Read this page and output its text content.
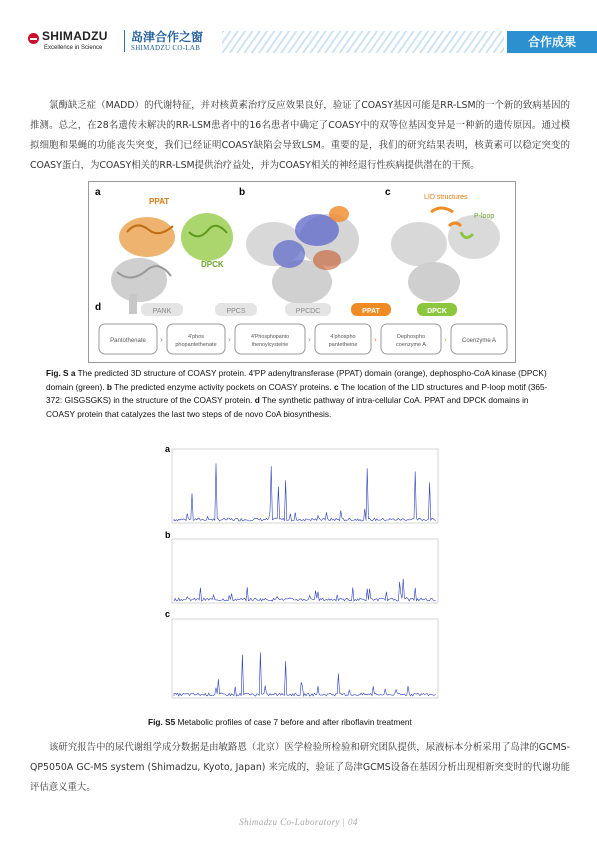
SHIMADZU
Excellence in Science
岛津合作之窗
SHIMADZU CO-LAB	合作成果
氯酶缺乏症（MADD）的代谢特征，并对核黄素治疗反应效果良好，验证了COASY基因可能是RR-LSM的一个新的致病基因的推测。总之，在28名遗传未解决的RR-LSM患者中的16名患者中确定了COASY中的双等位基因变异是一种新的遗传原因。通过模拟细胞和果蝇的功能丧失突变，我们已经证明COASY缺陷会导致LSM。重要的是，我们的研究结果表明，核黄素可以稳定突变的COASY蛋白，为COASY相关的RR-LSM提供治疗益处，并为COASY相关的神经退行性疾病提供潜在的干预。
a
PPAT
DPCK
b	c	LID structures
P-loop
d	PANK	PPCS	PPCDC	PPAT	DPCK
Pantothenate ›	4'phos
phopantethenate
›	4'Phosphopanto
thenoylcysteine
›	4'phospho
pantetheine
›	Dephospho
coenzyme A
›	Coenzyme A
Fig. S a The predicted 3D structure of COASY protein. 4'PP adenyltransferase (PPAT) domain (orange), dephospho-CoA kinase (DPCK) domain (green). b The predicted enzyme activity pockets on COASY proteins. c The location of the LID structures and P-loop motif (365-372: GISGSGKS) in the structure of the COASY protein. d The synthetic pathway of intra-cellular CoA. PPAT and DPCK domains in COASY protein that catalyzes the last two steps of de novo CoA biosynthesis.
a
b
c
Fig. S5 Metabolic profiles of case 7 before and after riboflavin treatment
该研究报告中的尿代谢组学成分数据是由敏路恩（北京）医学检验所检验和研究团队提供，尿液标本分析采用了岛津的GCMS-QP5050A GC-MS system (Shimadzu, Kyoto, Japan) 来完成的，验证了岛津GCMS设备在基因分析出现相新突变时的代谢功能评估意义重大。
Shimadzu Co-Laboratory | 04
